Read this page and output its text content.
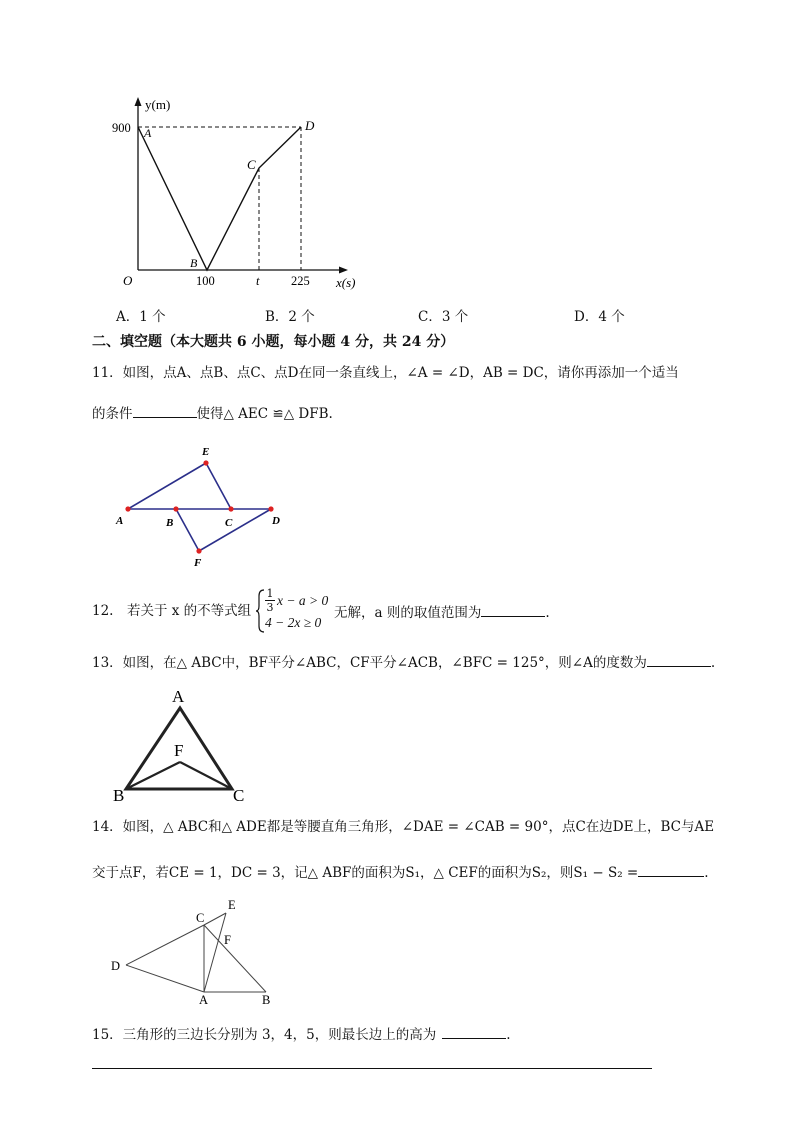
y(m)
900 A
B
C
D
O	100	t	225 x(s)
A．1 个	B．2 个	C．3 个	D．4 个
二、填空题（本大题共 6 小题，每小题 4 分，共 24 分）
11．如图，点A、点B、点C、点D在同一条直线上，∠A = ∠D，AB = DC，请你再添加一个适当
的条件	使得△ AEC ≌△ DFB.
E
A	B	C	D
F
12.　若关于 x 的不等式组
1
3 x − a > 0
4 − 2x ≥ 0
无解，a 则的取值范围为	.
13．如图，在△ ABC中，BF平分∠ABC，CF平分∠ACB，∠BFC = 125°，则∠A的度数为	.
A
F
B	C
14．如图，△ ABC和△ ADE都是等腰直角三角形，∠DAE = ∠CAB = 90°，点C在边DE上，BC与AE
交于点F，若CE = 1，DC = 3，记△ ABF的面积为S₁，△ CEF的面积为S₂，则S₁ − S₂ =	.
C
E
F
D
A	B
15．三角形的三边长分别为 3，4，5，则最长边上的高为	.
